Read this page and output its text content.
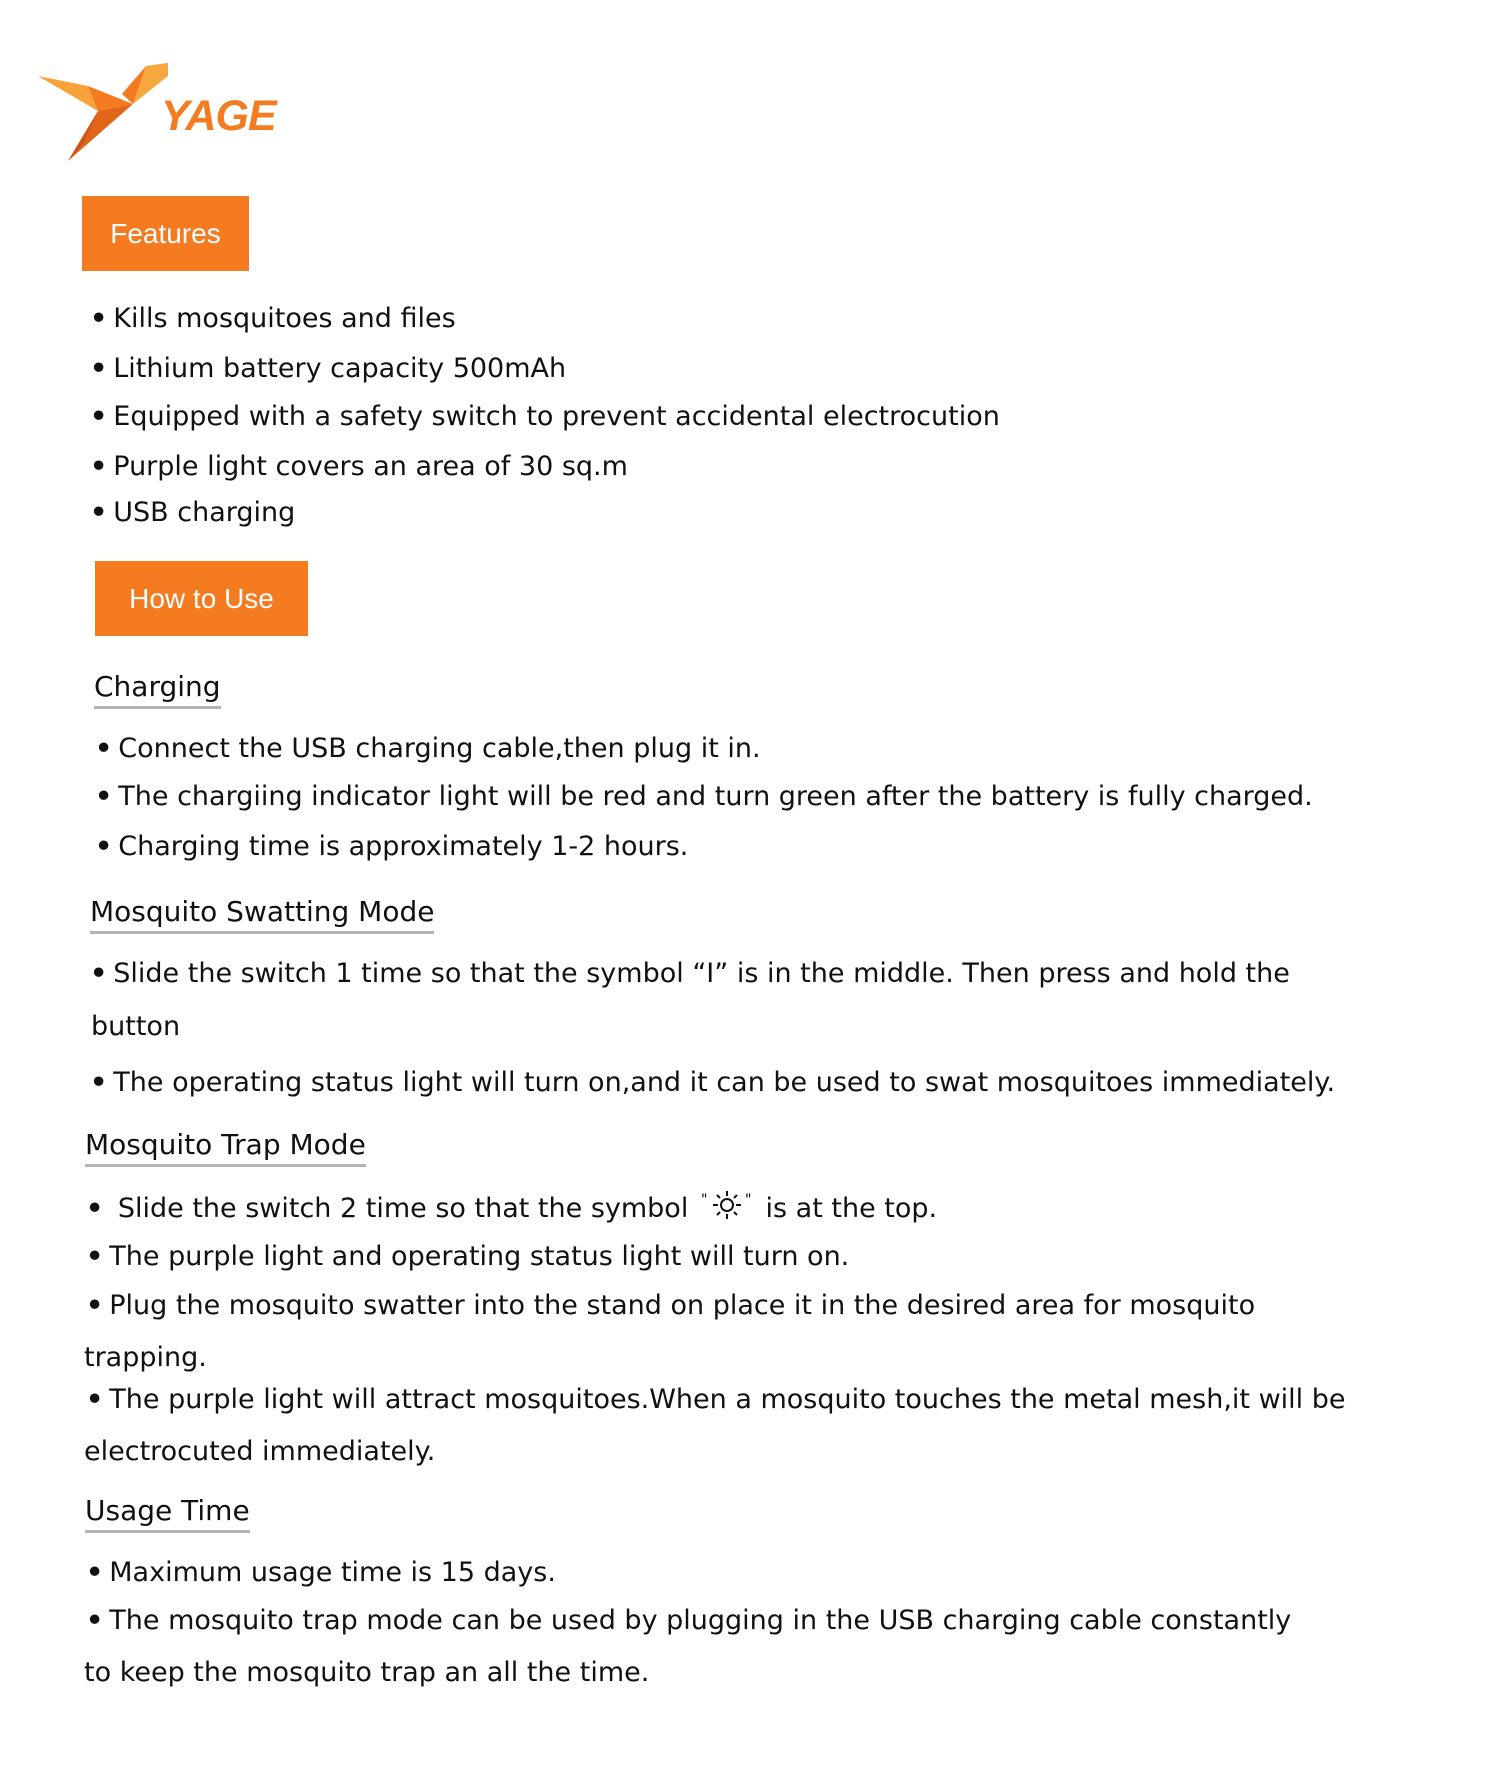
YAGE
Features
• Kills mosquitoes and files
• Lithium battery capacity 500mAh
• Equipped with a safety switch to prevent accidental electrocution
• Purple light covers an area of 30 sq.m
• USB charging
How to Use
Charging
• Connect the USB charging cable,then plug it in.
• The chargiing indicator light will be red and turn green after the battery is fully charged.
• Charging time is approximately 1-2 hours.
Mosquito Swatting Mode
• Slide the switch 1 time so that the symbol “I” is in the middle. Then press and hold the
button
• The operating status light will turn on,and it can be used to swat mosquitoes immediately.
Mosquito Trap Mode
• Slide the switch 2 time so that the symbol "	" is at the top.
• The purple light and operating status light will turn on.
• Plug the mosquito swatter into the stand on place it in the desired area for mosquito
trapping.
• The purple light will attract mosquitoes.When a mosquito touches the metal mesh,it will be
electrocuted immediately.
Usage Time
• Maximum usage time is 15 days.
• The mosquito trap mode can be used by plugging in the USB charging cable constantly
to keep the mosquito trap an all the time.
